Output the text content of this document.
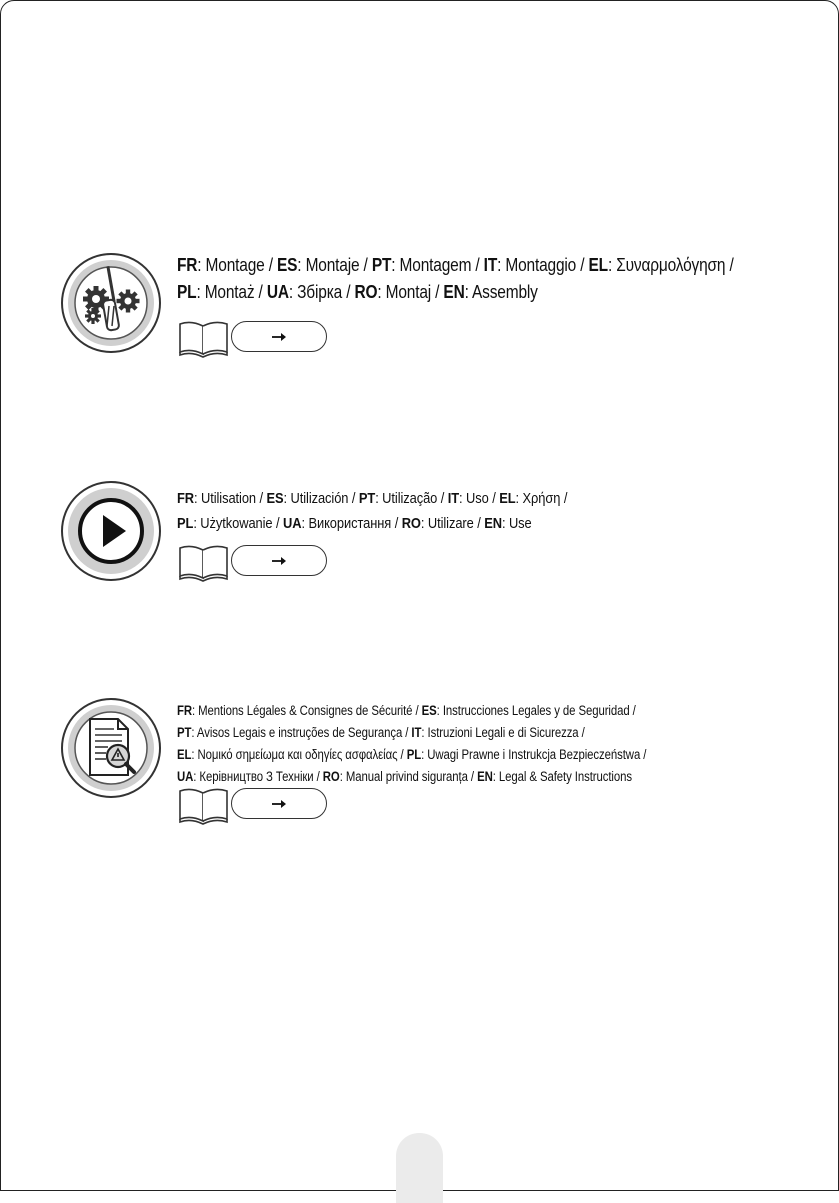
FR: Montage / ES: Montaje / PT: Montagem / IT: Montaggio / EL: Συναρμολόγηση /
PL: Montaż / UA: Збірка / RO: Montaj / EN: Assembly
FR: Utilisation / ES: Utilización / PT: Utilização / IT: Uso / EL: Χρήση /
PL: Użytkowanie / UA: Використання / RO: Utilizare / EN: Use
FR: Mentions Légales & Consignes de Sécurité / ES: Instrucciones Legales y de Seguridad /
PT: Avisos Legais e instruções de Segurança / IT: Istruzioni Legali e di Sicurezza /
EL: Νομικό σημείωμα και οδηγίες ασφαλείας / PL: Uwagi Prawne i Instrukcja Bezpieczeństwa /
UA: Керівництво З Техніки / RO: Manual privind siguranța / EN: Legal & Safety Instructions
